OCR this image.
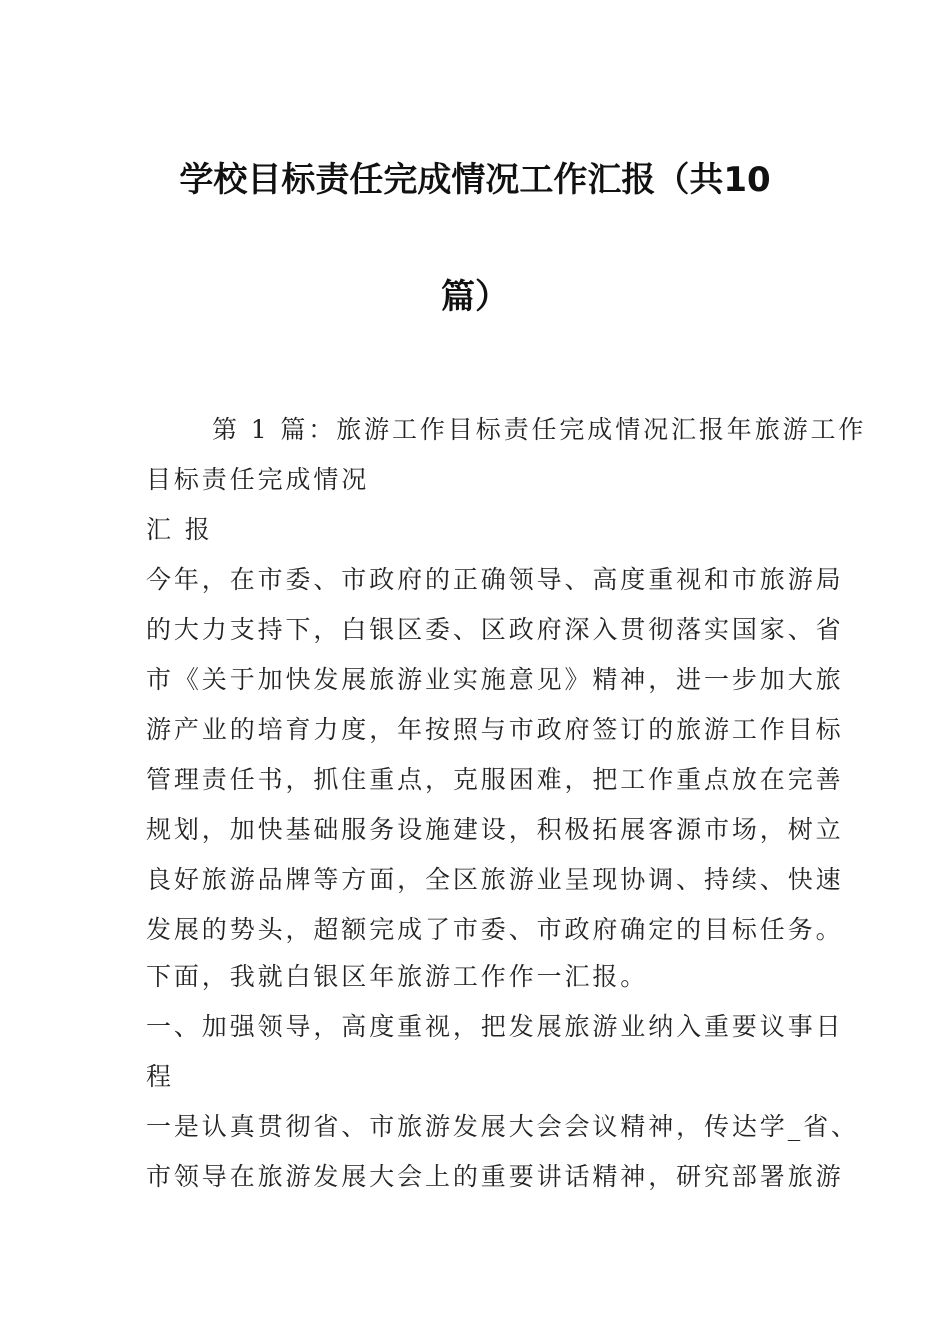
学校目标责任完成情况工作汇报（共10
篇）
第 1 篇：旅游工作目标责任完成情况汇报年旅游工作
目标责任完成情况
汇 报
今年，在市委、市政府的正确领导、高度重视和市旅游局
的大力支持下，白银区委、区政府深入贯彻落实国家、省
市《关于加快发展旅游业实施意见》精神，进一步加大旅
游产业的培育力度，年按照与市政府签订的旅游工作目标
管理责任书，抓住重点，克服困难，把工作重点放在完善
规划，加快基础服务设施建设，积极拓展客源市场，树立
良好旅游品牌等方面，全区旅游业呈现协调、持续、快速
发展的势头，超额完成了市委、市政府确定的目标任务。
下面，我就白银区年旅游工作作一汇报。
一、加强领导，高度重视，把发展旅游业纳入重要议事日
程
一是认真贯彻省、市旅游发展大会会议精神，传达学_省、
市领导在旅游发展大会上的重要讲话精神，研究部署旅游
